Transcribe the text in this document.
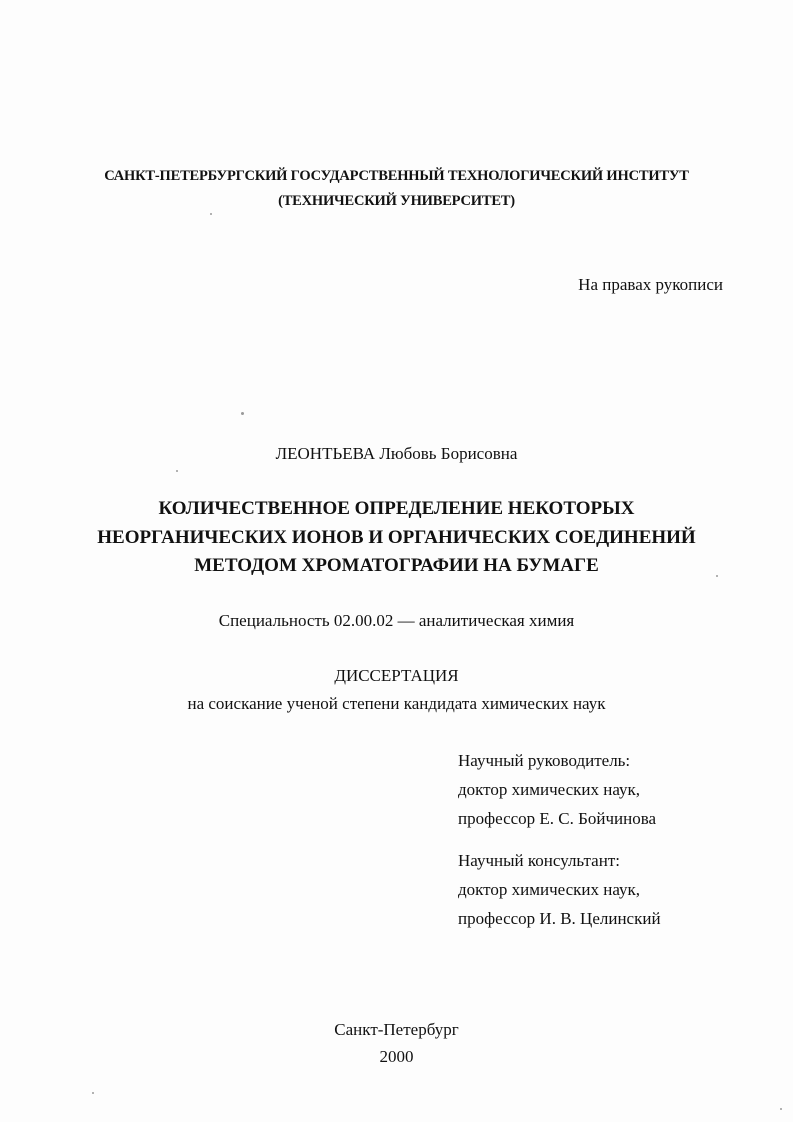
САНКТ-ПЕТЕРБУРГСКИЙ ГОСУДАРСТВЕННЫЙ ТЕХНОЛОГИЧЕСКИЙ ИНСТИТУТ

(ТЕХНИЧЕСКИЙ УНИВЕРСИТЕТ)

На правах рукописи

ЛЕОНТЬЕВА Любовь Борисовна

КОЛИЧЕСТВЕННОЕ ОПРЕДЕЛЕНИЕ НЕКОТОРЫХ

НЕОРГАНИЧЕСКИХ ИОНОВ И ОРГАНИЧЕСКИХ СОЕДИНЕНИЙ

МЕТОДОМ ХРОМАТОГРАФИИ НА БУМАГЕ

Специальность 02.00.02 — аналитическая химия

ДИССЕРТАЦИЯ

на соискание ученой степени кандидата химических наук

Научный руководитель:
доктор химических наук,
профессор Е. С. Бойчинова
Научный консультант:
доктор химических наук,
профессор И. В. Целинский

Санкт-Петербург

2000
